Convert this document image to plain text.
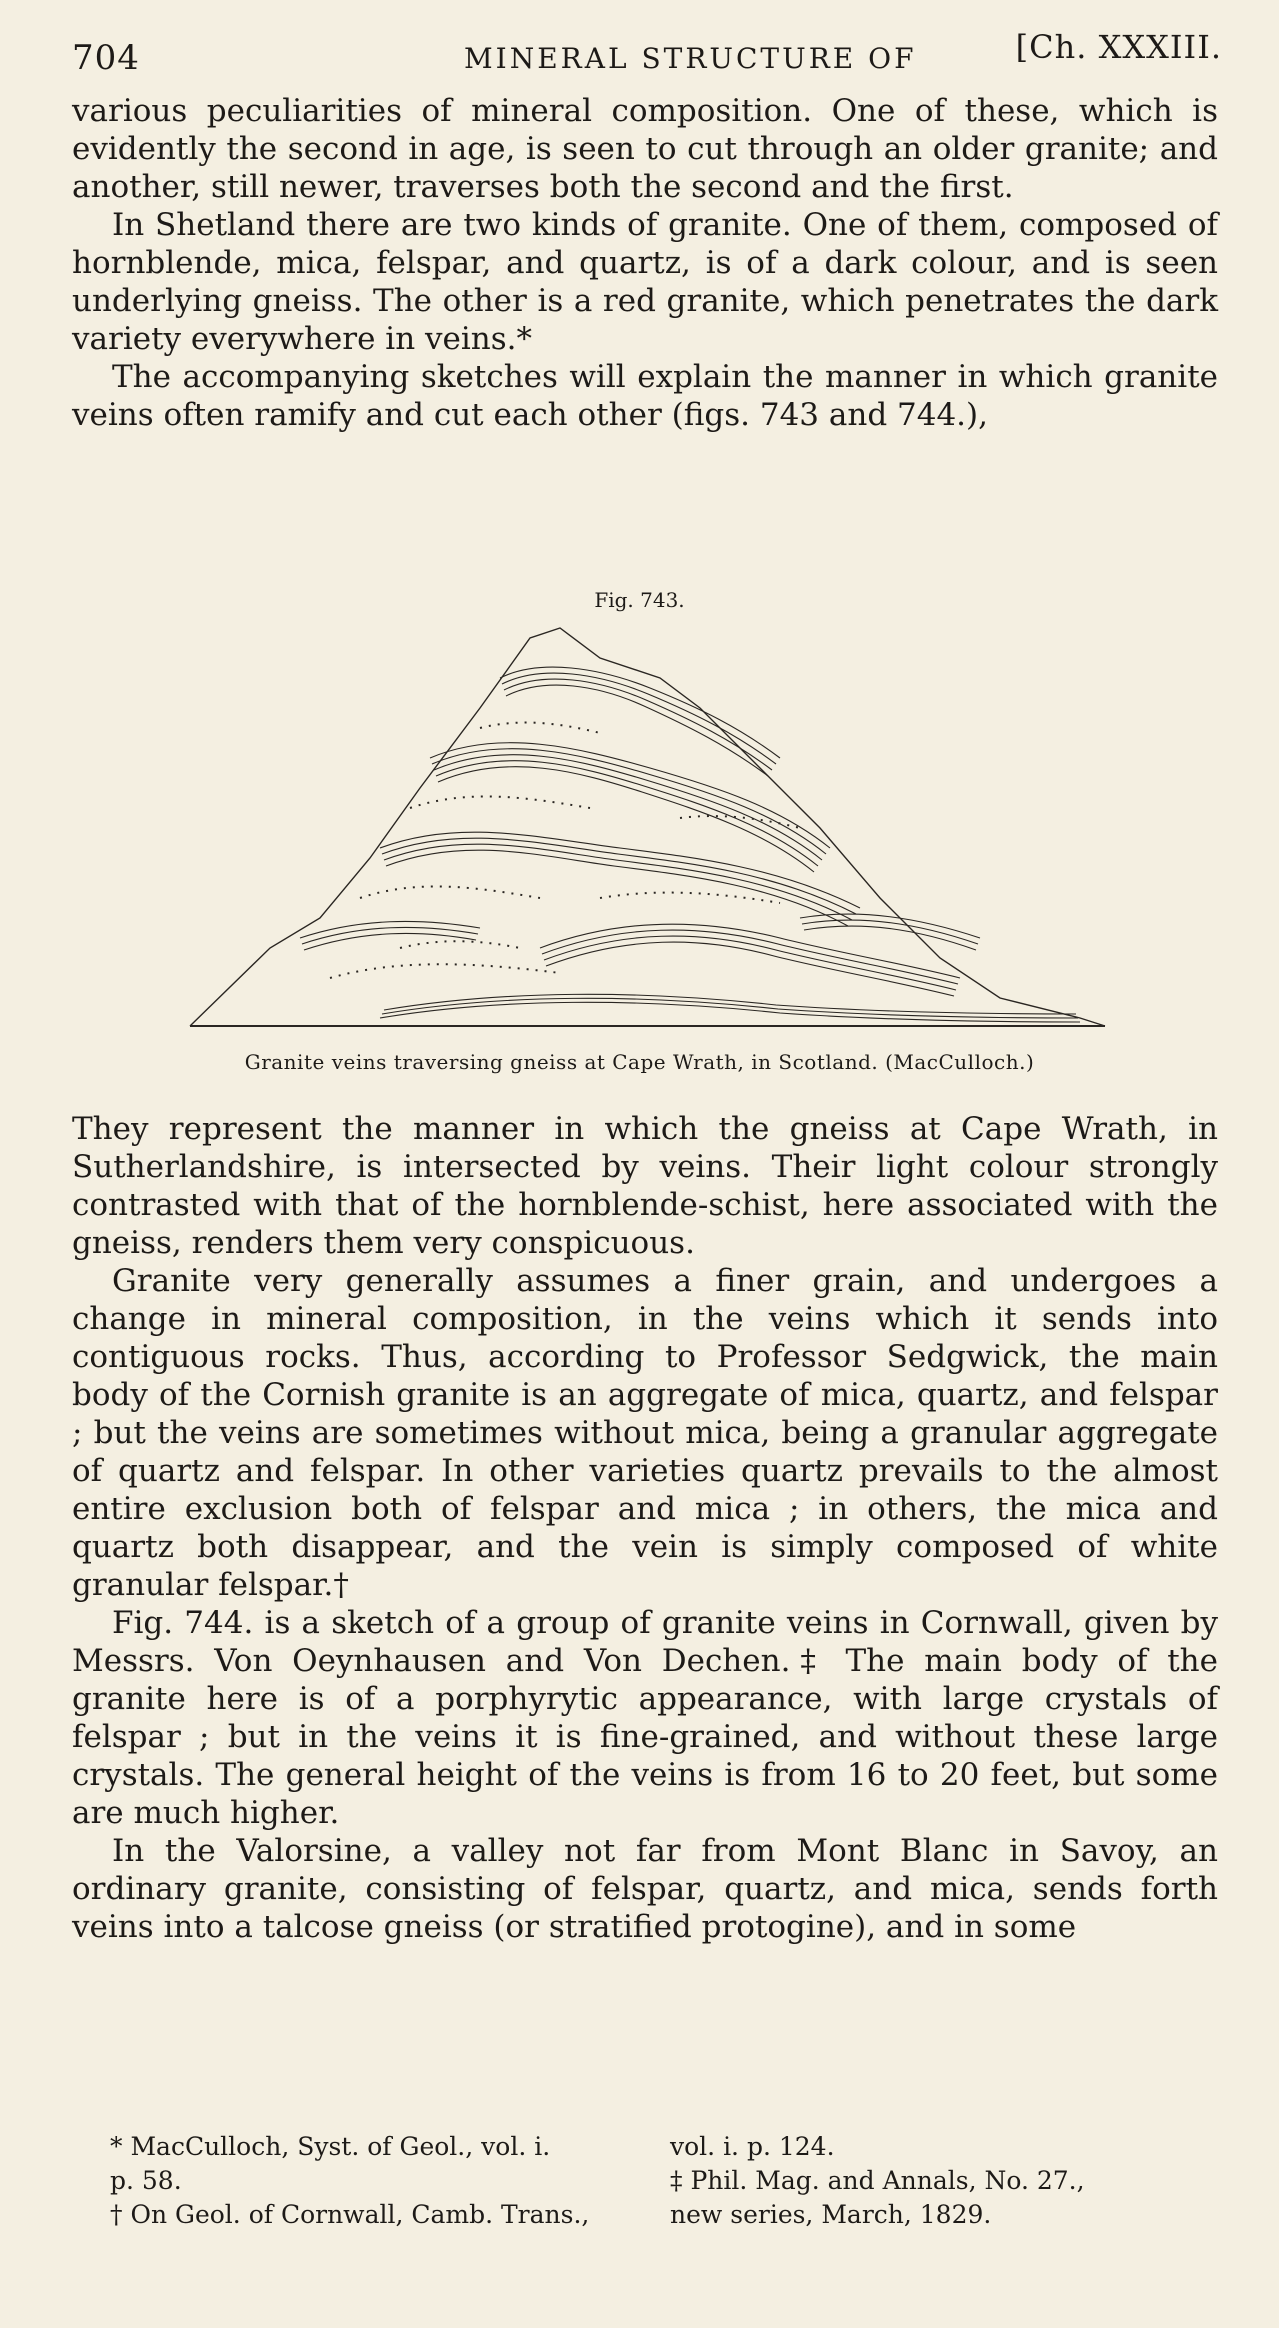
704	MINERAL STRUCTURE OF	[Ch. XXXIII.

various peculiarities of mineral composition. One of these, which is evidently the second in age, is seen to cut through an older granite; and another, still newer, traverses both the second and the first.

In Shetland there are two kinds of granite. One of them, composed of hornblende, mica, felspar, and quartz, is of a dark colour, and is seen underlying gneiss. The other is a red granite, which penetrates the dark variety everywhere in veins.*

The accompanying sketches will explain the manner in which granite veins often ramify and cut each other (figs. 743 and 744.),

Fig. 743.
Granite veins traversing gneiss at Cape Wrath, in Scotland. (MacCulloch.)

They represent the manner in which the gneiss at Cape Wrath, in Sutherlandshire, is intersected by veins. Their light colour strongly contrasted with that of the hornblende-schist, here associated with the gneiss, renders them very conspicuous.

Granite very generally assumes a finer grain, and undergoes a change in mineral composition, in the veins which it sends into contiguous rocks. Thus, according to Professor Sedgwick, the main body of the Cornish granite is an aggregate of mica, quartz, and felspar ; but the veins are sometimes without mica, being a granular aggregate of quartz and felspar. In other varieties quartz prevails to the almost entire exclusion both of felspar and mica ; in others, the mica and quartz both disappear, and the vein is simply composed of white granular felspar.†

Fig. 744. is a sketch of a group of granite veins in Cornwall, given by Messrs. Von Oeynhausen and Von Dechen.‡ The main body of the granite here is of a porphyrytic appearance, with large crystals of felspar ; but in the veins it is fine-grained, and without these large crystals. The general height of the veins is from 16 to 20 feet, but some are much higher.

In the Valorsine, a valley not far from Mont Blanc in Savoy, an ordinary granite, consisting of felspar, quartz, and mica, sends forth veins into a talcose gneiss (or stratified protogine), and in some

* MacCulloch, Syst. of Geol., vol. i.	vol. i. p. 124.
p. 58.	‡ Phil. Mag. and Annals, No. 27.,
† On Geol. of Cornwall, Camb. Trans.,	new series, March, 1829.
